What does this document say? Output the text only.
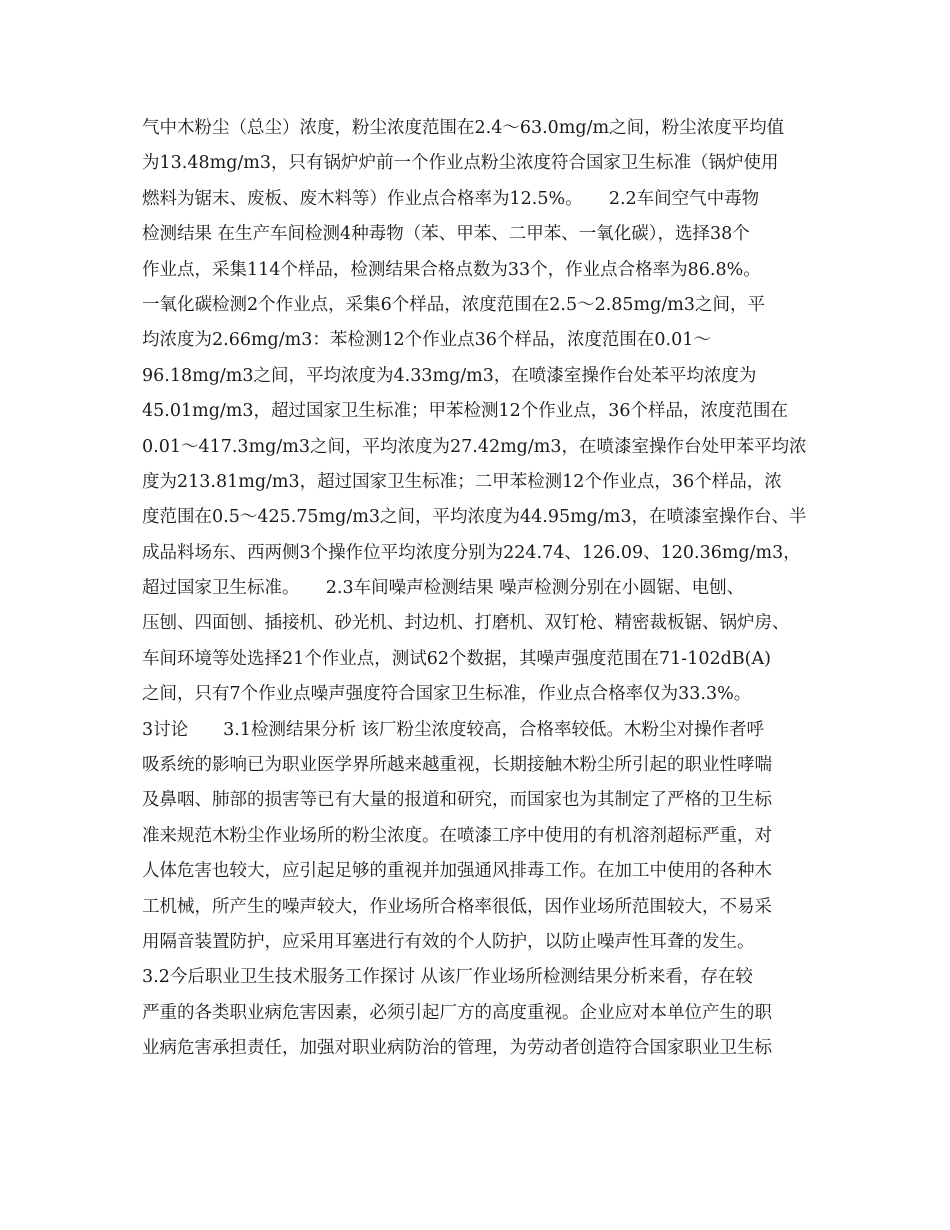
气中木粉尘（总尘）浓度，粉尘浓度范围在2.4～63.0mg/m之间，粉尘浓度平均值
为13.48mg/m3，只有锅炉炉前一个作业点粉尘浓度符合国家卫生标准（锅炉使用
燃料为锯末、废板、废木料等）作业点合格率为12.5%。　　2.2车间空气中毒物
检测结果 在生产车间检测4种毒物（苯、甲苯、二甲苯、一氧化碳），选择38个
作业点，采集114个样品，检测结果合格点数为33个，作业点合格率为86.8%。
一氧化碳检测2个作业点，采集6个样品，浓度范围在2.5～2.85mg/m3之间，平
均浓度为2.66mg/m3：苯检测12个作业点36个样品，浓度范围在0.01～
96.18mg/m3之间，平均浓度为4.33mg/m3，在喷漆室操作台处苯平均浓度为
45.01mg/m3，超过国家卫生标准；甲苯检测12个作业点，36个样品，浓度范围在
0.01～417.3mg/m3之间，平均浓度为27.42mg/m3，在喷漆室操作台处甲苯平均浓
度为213.81mg/m3，超过国家卫生标准；二甲苯检测12个作业点，36个样品，浓
度范围在0.5～425.75mg/m3之间，平均浓度为44.95mg/m3，在喷漆室操作台、半
成品料场东、西两侧3个操作位平均浓度分别为224.74、126.09、120.36mg/m3，
超过国家卫生标准。　　2.3车间噪声检测结果 噪声检测分别在小圆锯、电刨、
压刨、四面刨、插接机、砂光机、封边机、打磨机、双钉枪、精密裁板锯、锅炉房、
车间环境等处选择21个作业点，测试62个数据，其噪声强度范围在71-102dB(A)
之间，只有7个作业点噪声强度符合国家卫生标准，作业点合格率仅为33.3%。
3讨论　　3.1检测结果分析 该厂粉尘浓度较高，合格率较低。木粉尘对操作者呼
吸系统的影响已为职业医学界所越来越重视，长期接触木粉尘所引起的职业性哮喘
及鼻咽、肺部的损害等已有大量的报道和研究，而国家也为其制定了严格的卫生标
准来规范木粉尘作业场所的粉尘浓度。在喷漆工序中使用的有机溶剂超标严重，对
人体危害也较大，应引起足够的重视并加强通风排毒工作。在加工中使用的各种木
工机械，所产生的噪声较大，作业场所合格率很低，因作业场所范围较大，不易采
用隔音装置防护，应采用耳塞进行有效的个人防护，以防止噪声性耳聋的发生。
3.2今后职业卫生技术服务工作探讨 从该厂作业场所检测结果分析来看，存在较
严重的各类职业病危害因素，必须引起厂方的高度重视。企业应对本单位产生的职
业病危害承担责任，加强对职业病防治的管理，为劳动者创造符合国家职业卫生标
